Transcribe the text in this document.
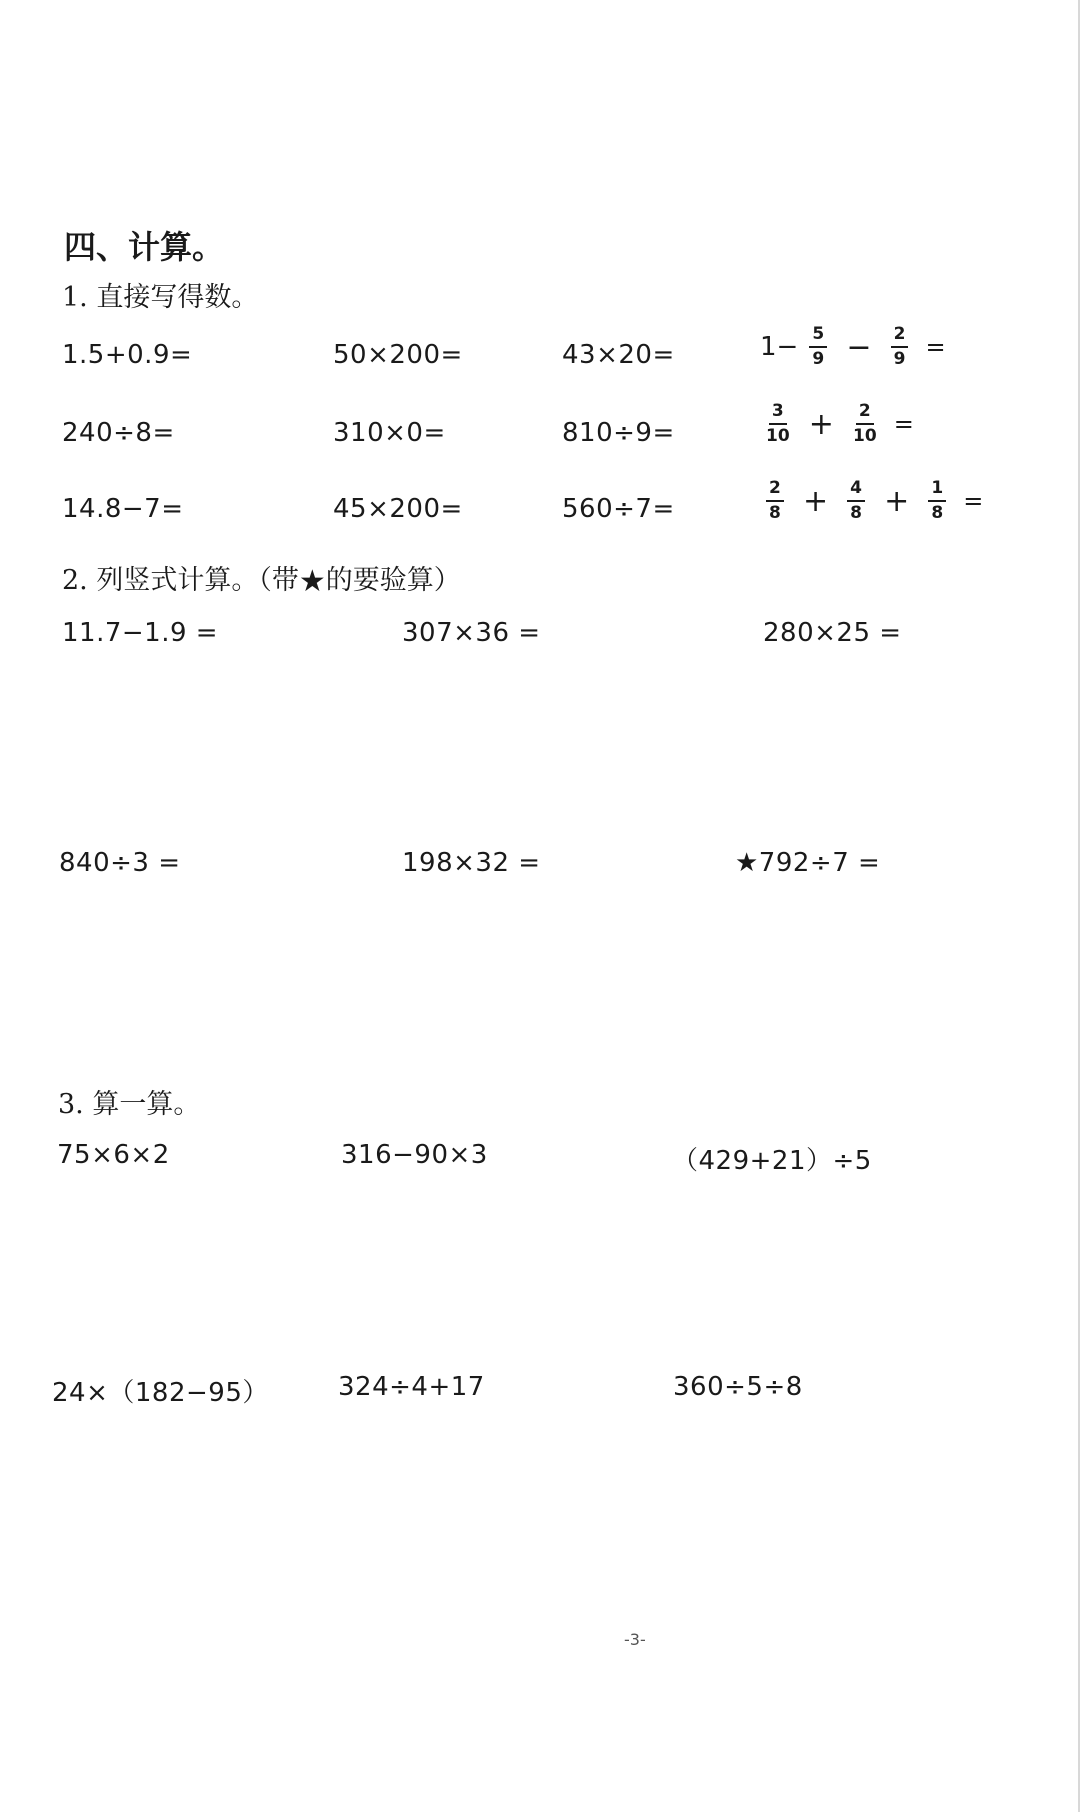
四、计算。
1. 直接写得数。
1.5+0.9=	50×200=	43×20=	$1- \frac{5}{9} - \frac{2}{9}$ =
240÷8=	310×0=	810÷9=	$\frac{3}{10} + \frac{2}{10}$ =
14.8−7=	45×200=	560÷7=	$\frac{2}{8} + \frac{4}{8} + \frac{1}{8}$ =
2. 列竖式计算。（带★的要验算）
11.7−1.9 =	307×36 =	280×25 =
840÷3 =	198×32 =	★792÷7 =
3. 算一算。
75×6×2	316−90×3	（429+21）÷5
24×（182−95）	324÷4+17	360÷5÷8
-3-
